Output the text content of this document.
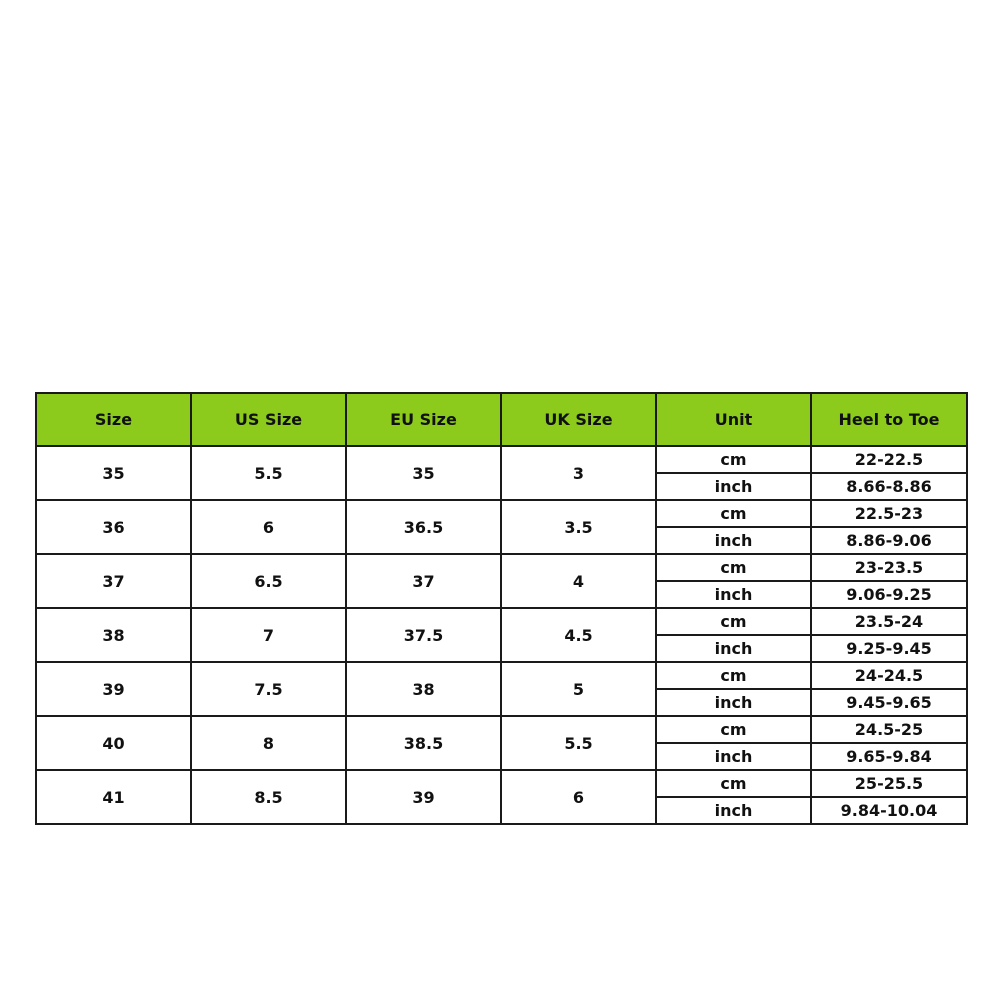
Size	US Size	EU Size	UK Size	Unit	Heel to Toe
35	5.5	35	3	cm	22-22.5
				inch	8.66-8.86
36	6	36.5	3.5	cm	22.5-23
				inch	8.86-9.06
37	6.5	37	4	cm	23-23.5
				inch	9.06-9.25
38	7	37.5	4.5	cm	23.5-24
				inch	9.25-9.45
39	7.5	38	5	cm	24-24.5
				inch	9.45-9.65
40	8	38.5	5.5	cm	24.5-25
				inch	9.65-9.84
41	8.5	39	6	cm	25-25.5
				inch	9.84-10.04
